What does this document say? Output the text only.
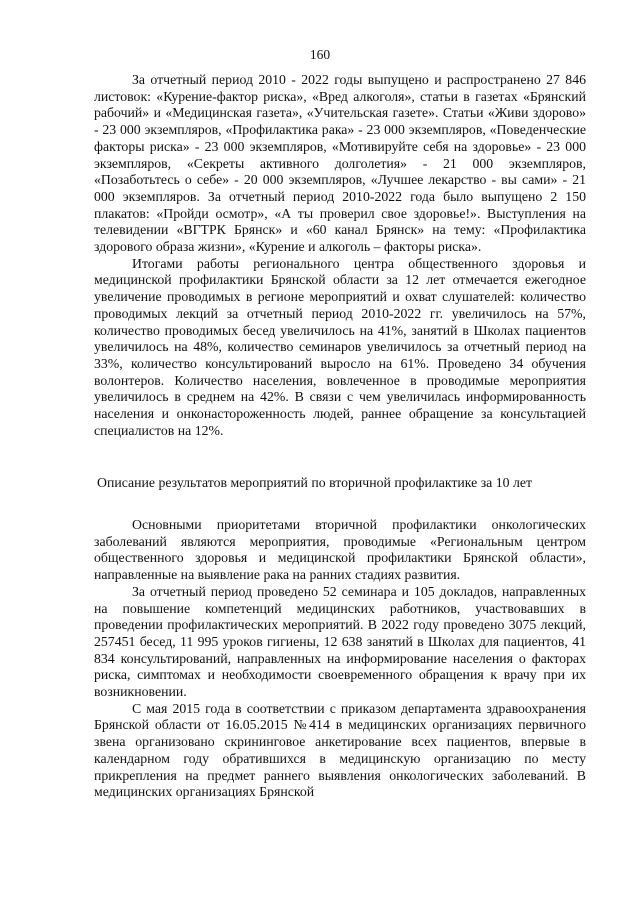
160

За отчетный период 2010 - 2022 годы выпущено и распространено 27 846 листовок: «Курение-фактор риска», «Вред алкоголя», статьи в газетах «Брянский рабочий» и «Медицинская газета», «Учительская газете». Статьи «Живи здорово» - 23 000 экземпляров, «Профилактика рака» - 23 000 экземпляров, «Поведенческие факторы риска» - 23 000 экземпляров, «Мотивируйте себя на здоровье» - 23 000 экземпляров, «Секреты активного долголетия» - 21 000 экземпляров, «Позаботьтесь о себе» - 20 000 экземпляров, «Лучшее лекарство - вы сами» - 21 000 экземпляров. За отчетный период 2010-2022 года было выпущено 2 150 плакатов: «Пройди осмотр», «А ты проверил свое здоровье!». Выступления на телевидении «ВГТРК Брянск» и «60 канал Брянск» на тему: «Профилактика здорового образа жизни», «Курение и алкоголь – факторы риска».

Итогами работы регионального центра общественного здоровья и медицинской профилактики Брянской области за 12 лет отмечается ежегодное увеличение проводимых в регионе мероприятий и охват слушателей: количество проводимых лекций за отчетный период 2010-2022 гг. увеличилось на 57%, количество проводимых бесед увеличилось на 41%, занятий в Школах пациентов увеличилось на 48%, количество семинаров увеличилось за отчетный период на 33%, количество консультирований выросло на 61%. Проведено 34 обучения волонтеров. Количество населения, вовлеченное в проводимые мероприятия увеличилось в среднем на 42%. В связи с чем увеличилась информированность населения и онконастороженность людей, раннее обращение за консультацией специалистов на 12%.

Описание результатов мероприятий по вторичной профилактике за 10 лет

Основными приоритетами вторичной профилактики онкологических заболеваний являются мероприятия, проводимые «Региональным центром общественного здоровья и медицинской профилактики Брянской области», направленные на выявление рака на ранних стадиях развития.

За отчетный период проведено 52 семинара и 105 докладов, направленных на повышение компетенций медицинских работников, участвовавших в проведении профилактических мероприятий. В 2022 году проведено 3075 лекций, 257451 бесед, 11 995 уроков гигиены, 12 638 занятий в Школах для пациентов, 41 834 консультирований, направленных на информирование населения о факторах риска, симптомах и необходимости своевременного обращения к врачу при их возникновении.

С мая 2015 года в соответствии с приказом департамента здравоохранения Брянской области от 16.05.2015 №414 в медицинских организациях первичного звена организовано скрининговое анкетирование всех пациентов, впервые в календарном году обратившихся в медицинскую организацию по месту прикрепления на предмет раннего выявления онкологических заболеваний. В медицинских организациях Брянской
